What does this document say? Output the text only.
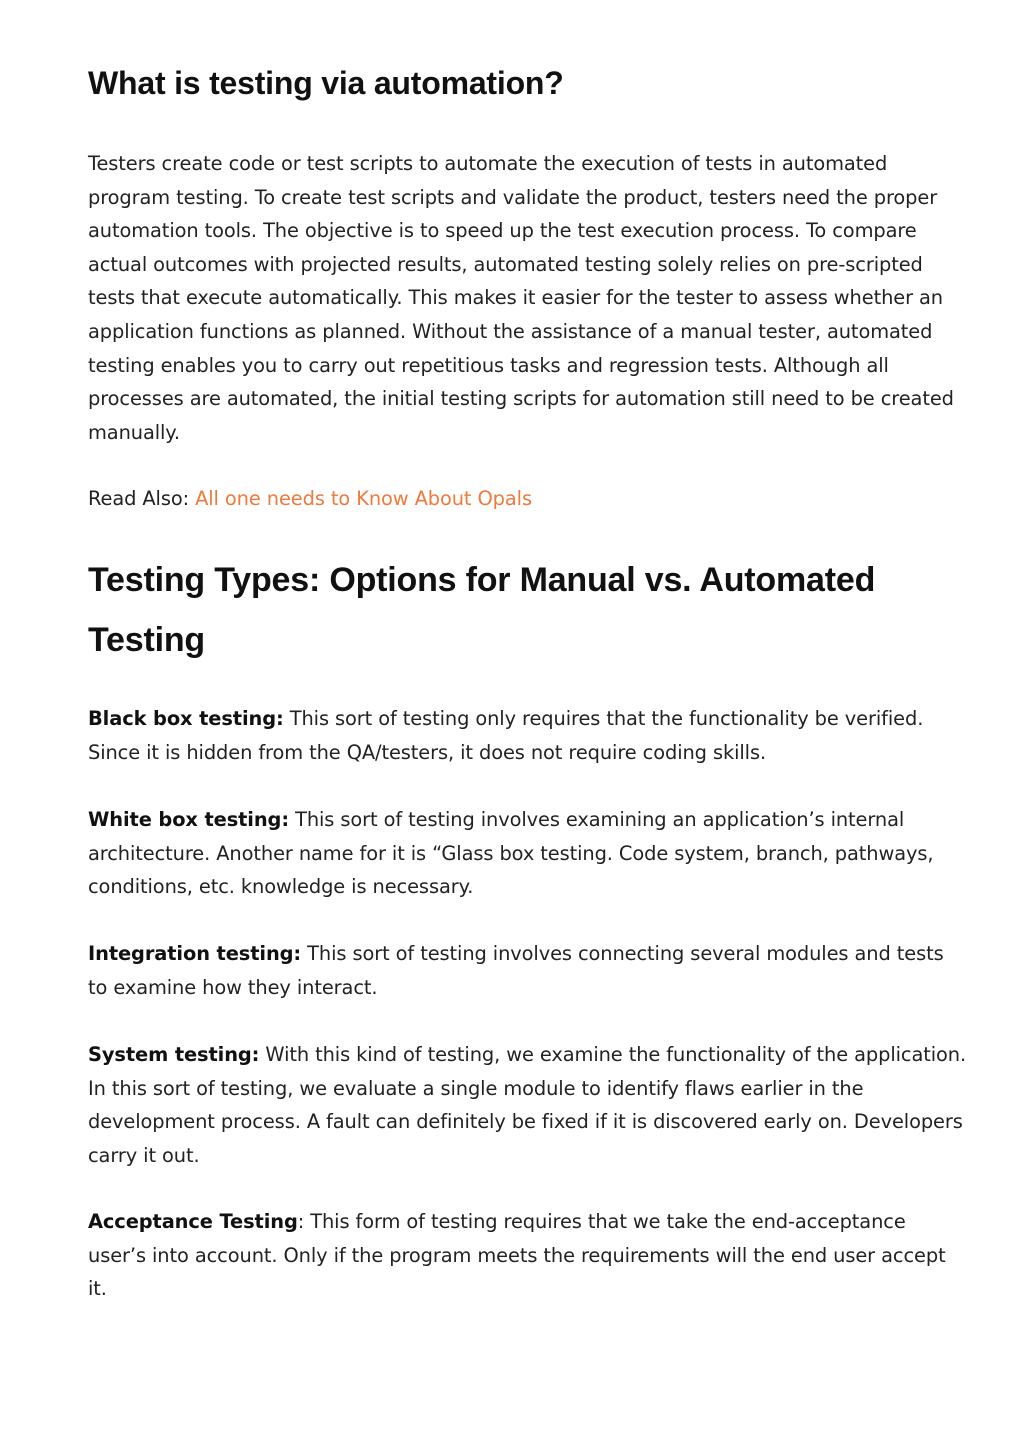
What is testing via automation?

Testers create code or test scripts to automate the execution of tests in automated program testing. To create test scripts and validate the product, testers need the proper automation tools. The objective is to speed up the test execution process. To compare actual outcomes with projected results, automated testing solely relies on pre-scripted tests that execute automatically. This makes it easier for the tester to assess whether an application functions as planned. Without the assistance of a manual tester, automated testing enables you to carry out repetitious tasks and regression tests. Although all processes are automated, the initial testing scripts for automation still need to be created manually.

Read Also: All one needs to Know About Opals

Testing Types: Options for Manual vs. Automated Testing

Black box testing: This sort of testing only requires that the functionality be verified. Since it is hidden from the QA/testers, it does not require coding skills.

White box testing: This sort of testing involves examining an application’s internal architecture. Another name for it is “Glass box testing. Code system, branch, pathways, conditions, etc. knowledge is necessary.

Integration testing: This sort of testing involves connecting several modules and tests to examine how they interact.

System testing: With this kind of testing, we examine the functionality of the application. In this sort of testing, we evaluate a single module to identify flaws earlier in the development process. A fault can definitely be fixed if it is discovered early on. Developers carry it out.

Acceptance Testing: This form of testing requires that we take the end-acceptance user’s into account. Only if the program meets the requirements will the end user accept it.
